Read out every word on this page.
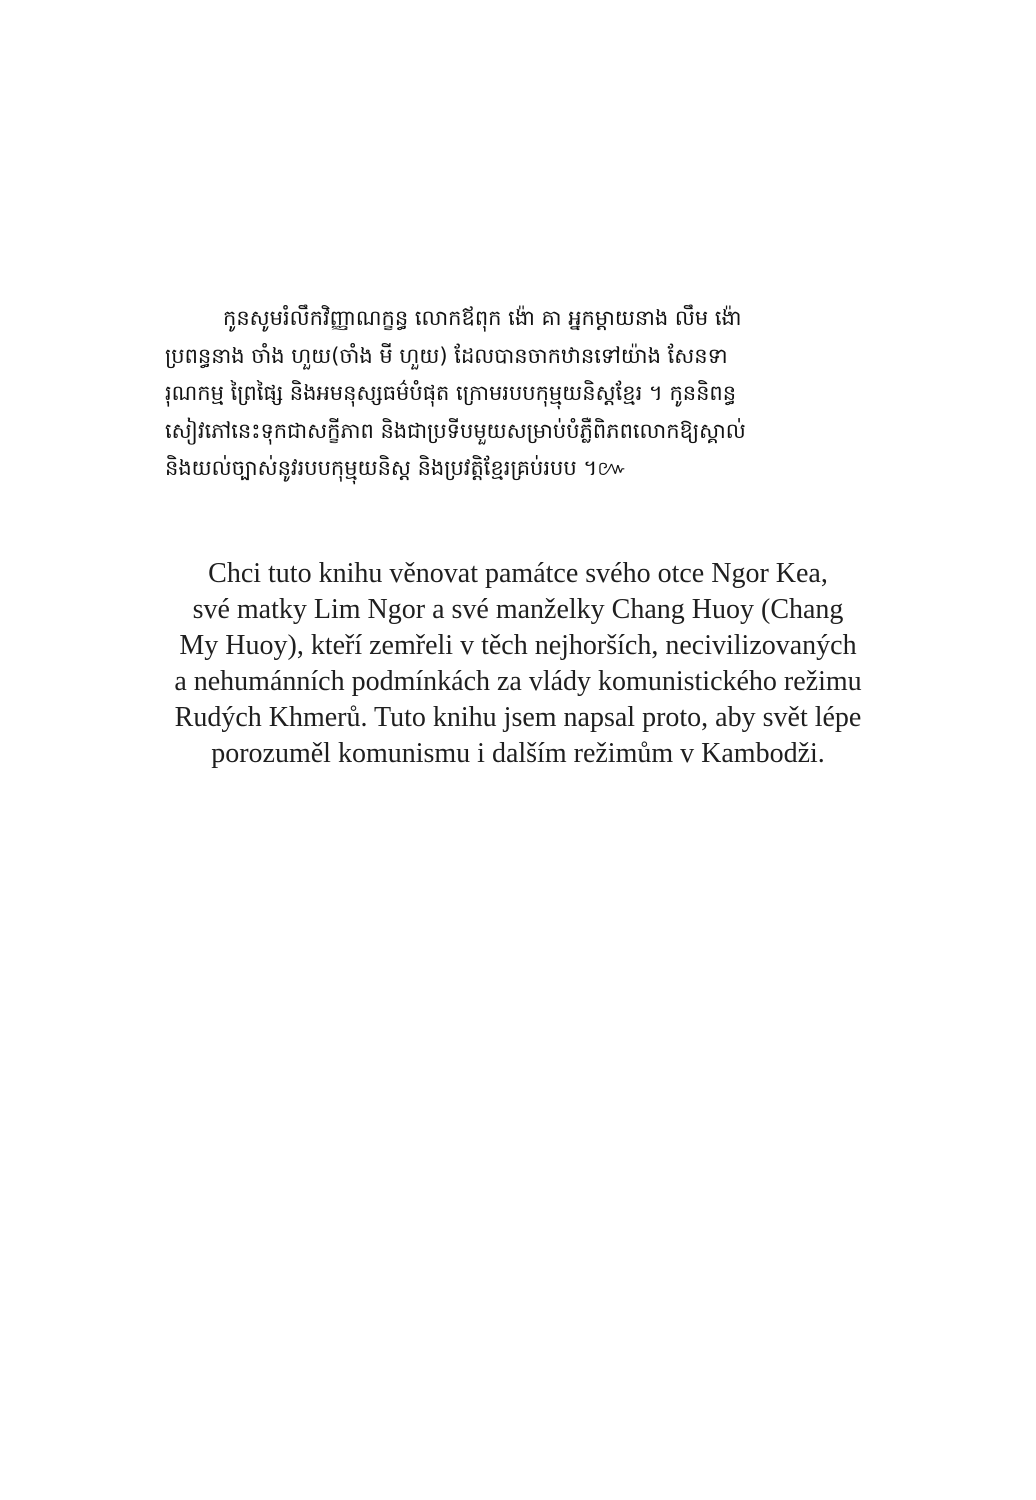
កូនសូមរំលឹកវិញ្ញាណក្ខន្ធ លោកឪពុក ង៉ោ គា អ្នកម្ដាយនាង លឹម ង៉ោ
ប្រពន្ធនាង ចាំង ហួយ(ចាំង មី ហួយ) ដែលបានចាកឋានទៅយ៉ាង សែនទា
រុណកម្ម ព្រៃផ្សៃ និងអមនុស្សធម៌បំផុត ក្រោមរបបកុម្មុយនិស្តខ្មែរ ។ កូននិពន្ធ
សៀវភៅនេះទុកជាសក្ខីភាព និងជាប្រទីបមួយសម្រាប់បំភ្លឺពិភពលោកឱ្យស្គាល់
និងយល់ច្បាស់នូវរបបកុម្មុយនិស្ត និងប្រវត្តិខ្មែរគ្រប់របប ។៚
Chci tuto knihu věnovat památce svého otce Ngor Kea,
své matky Lim Ngor a své manželky Chang Huoy (Chang
My Huoy), kteří zemřeli v těch nejhorších, necivilizovaných
a nehumánních podmínkách za vlády komunistického režimu
Rudých Khmerů. Tuto knihu jsem napsal proto, aby svět lépe
porozuměl komunismu i dalším režimům v Kambodži.
